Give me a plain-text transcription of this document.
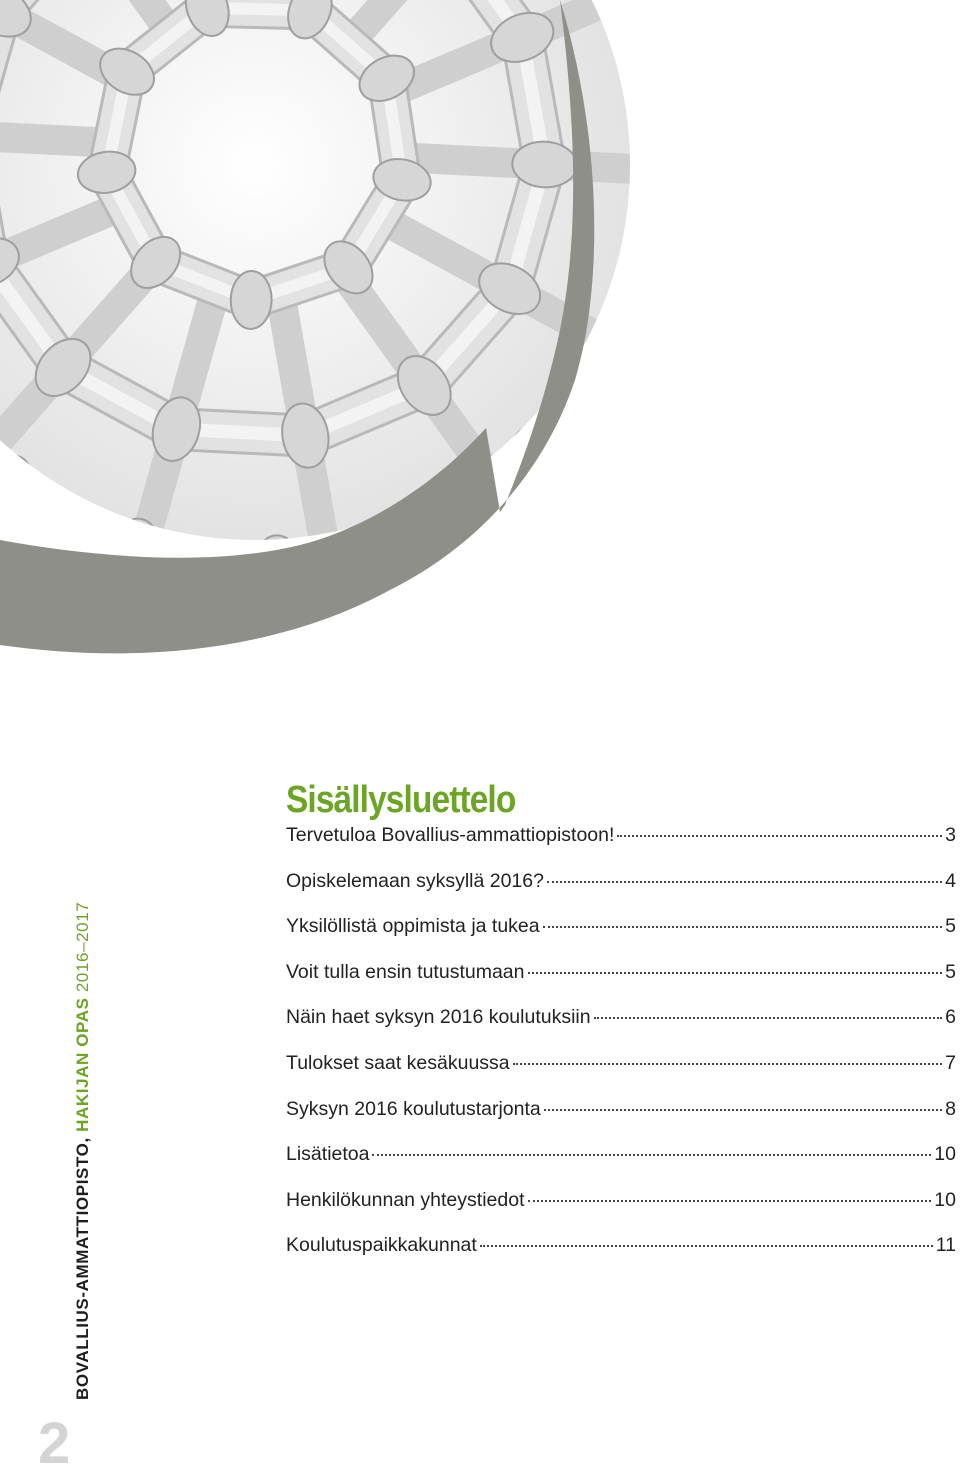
Sisällysluettelo
Tervetuloa Bovallius-ammattiopistoon!	3
Opiskelemaan syksyllä 2016?	4
Yksilöllistä oppimista ja tukea	5
Voit tulla ensin tutustumaan	5
Näin haet syksyn 2016 koulutuksiin	6
Tulokset saat kesäkuussa	7
Syksyn 2016 koulutustarjonta	8
Lisätietoa	10
Henkilökunnan yhteystiedot	10
Koulutuspaikkakunnat	11
BOVALLIUS-AMMATTIOPISTO, HAKIJAN OPAS 2016–2017
2
